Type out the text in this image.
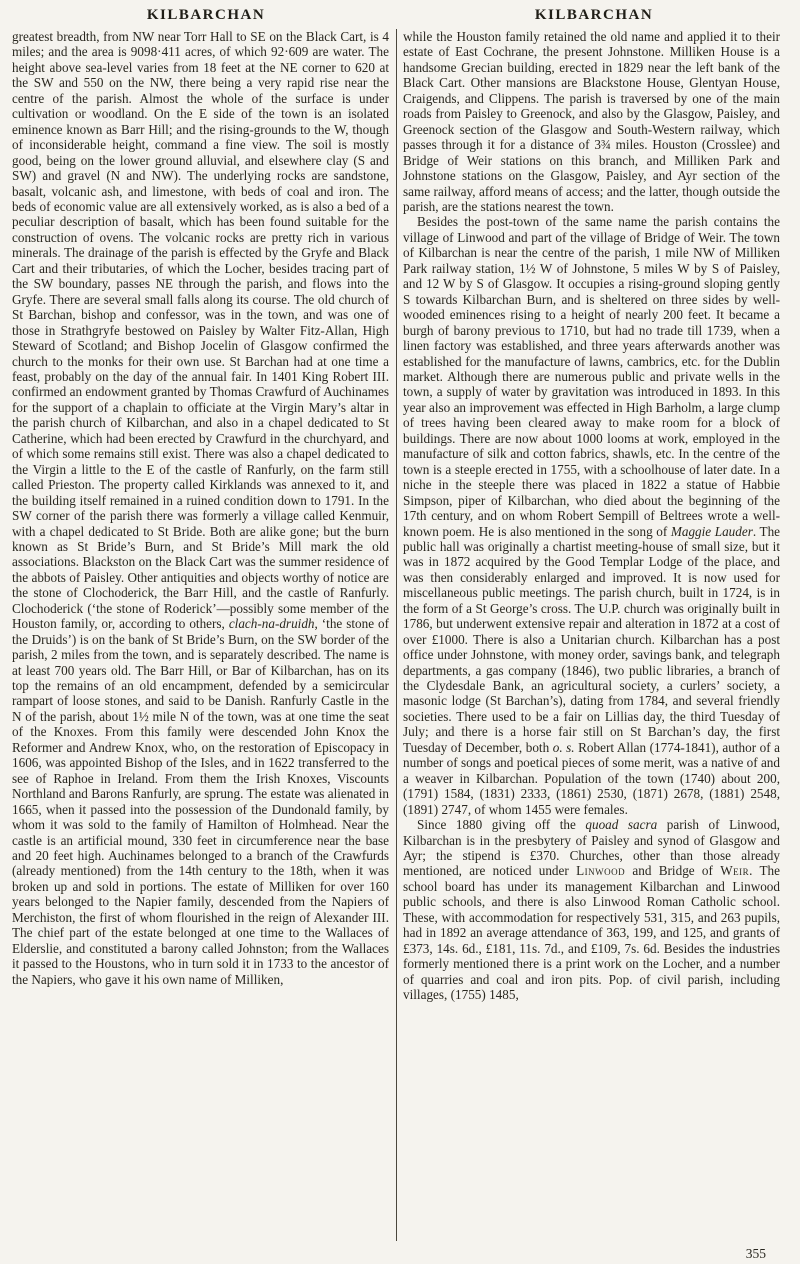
KILBARCHAN	KILBARCHAN

greatest breadth, from NW near Torr Hall to SE on the Black Cart, is 4 miles; and the area is 9098·411 acres, of which 92·609 are water. The height above sea-level varies from 18 feet at the NE corner to 620 at the SW and 550 on the NW, there being a very rapid rise near the centre of the parish. Almost the whole of the surface is under cultivation or woodland. On the E side of the town is an isolated eminence known as Barr Hill; and the rising-grounds to the W, though of inconsiderable height, command a fine view. The soil is mostly good, being on the lower ground alluvial, and elsewhere clay (S and SW) and gravel (N and NW). The underlying rocks are sandstone, basalt, volcanic ash, and limestone, with beds of coal and iron. The beds of economic value are all extensively worked, as is also a bed of a peculiar description of basalt, which has been found suitable for the construction of ovens. The volcanic rocks are pretty rich in various minerals. The drainage of the parish is effected by the Gryfe and Black Cart and their tributaries, of which the Locher, besides tracing part of the SW boundary, passes NE through the parish, and flows into the Gryfe. There are several small falls along its course. The old church of St Barchan, bishop and confessor, was in the town, and was one of those in Strathgryfe bestowed on Paisley by Walter Fitz-Allan, High Steward of Scotland; and Bishop Jocelin of Glasgow confirmed the church to the monks for their own use. St Barchan had at one time a feast, probably on the day of the annual fair. In 1401 King Robert III. confirmed an endowment granted by Thomas Crawfurd of Auchinames for the support of a chaplain to officiate at the Virgin Mary’s altar in the parish church of Kilbarchan, and also in a chapel dedicated to St Catherine, which had been erected by Crawfurd in the churchyard, and of which some remains still exist. There was also a chapel dedicated to the Virgin a little to the E of the castle of Ranfurly, on the farm still called Prieston. The property called Kirklands was annexed to it, and the building itself remained in a ruined condition down to 1791. In the SW corner of the parish there was formerly a village called Kenmuir, with a chapel dedicated to St Bride. Both are alike gone; but the burn known as St Bride’s Burn, and St Bride’s Mill mark the old associations. Blackston on the Black Cart was the summer residence of the abbots of Paisley. Other antiquities and objects worthy of notice are the stone of Clochoderick, the Barr Hill, and the castle of Ranfurly. Clochoderick (‘the stone of Roderick’—possibly some member of the Houston family, or, according to others, clach-na-druidh, ‘the stone of the Druids’) is on the bank of St Bride’s Burn, on the SW border of the parish, 2 miles from the town, and is separately described. The name is at least 700 years old. The Barr Hill, or Bar of Kilbarchan, has on its top the remains of an old encampment, defended by a semicircular rampart of loose stones, and said to be Danish. Ranfurly Castle in the N of the parish, about 1½ mile N of the town, was at one time the seat of the Knoxes. From this family were descended John Knox the Reformer and Andrew Knox, who, on the restoration of Episcopacy in 1606, was appointed Bishop of the Isles, and in 1622 transferred to the see of Raphoe in Ireland. From them the Irish Knoxes, Viscounts Northland and Barons Ranfurly, are sprung. The estate was alienated in 1665, when it passed into the possession of the Dundonald family, by whom it was sold to the family of Hamilton of Holmhead. Near the castle is an artificial mound, 330 feet in circumference near the base and 20 feet high. Auchinames belonged to a branch of the Crawfurds (already mentioned) from the 14th century to the 18th, when it was broken up and sold in portions. The estate of Milliken for over 160 years belonged to the Napier family, descended from the Napiers of Merchiston, the first of whom flourished in the reign of Alexander III. The chief part of the estate belonged at one time to the Wallaces of Elderslie, and constituted a barony called Johnston; from the Wallaces it passed to the Houstons, who in turn sold it in 1733 to the ancestor of the Napiers, who gave it his own name of Milliken,

while the Houston family retained the old name and applied it to their estate of East Cochrane, the present Johnstone. Milliken House is a handsome Grecian building, erected in 1829 near the left bank of the Black Cart. Other mansions are Blackstone House, Glentyan House, Craigends, and Clippens. The parish is traversed by one of the main roads from Paisley to Greenock, and also by the Glasgow, Paisley, and Greenock section of the Glasgow and South-Western railway, which passes through it for a distance of 3¾ miles. Houston (Crosslee) and Bridge of Weir stations on this branch, and Milliken Park and Johnstone stations on the Glasgow, Paisley, and Ayr section of the same railway, afford means of access; and the latter, though outside the parish, are the stations nearest the town.

Besides the post-town of the same name the parish contains the village of Linwood and part of the village of Bridge of Weir. The town of Kilbarchan is near the centre of the parish, 1 mile NW of Milliken Park railway station, 1½ W of Johnstone, 5 miles W by S of Paisley, and 12 W by S of Glasgow. It occupies a rising-ground sloping gently S towards Kilbarchan Burn, and is sheltered on three sides by well-wooded eminences rising to a height of nearly 200 feet. It became a burgh of barony previous to 1710, but had no trade till 1739, when a linen factory was established, and three years afterwards another was established for the manufacture of lawns, cambrics, etc. for the Dublin market. Although there are numerous public and private wells in the town, a supply of water by gravitation was introduced in 1893. In this year also an improvement was effected in High Barholm, a large clump of trees having been cleared away to make room for a block of buildings. There are now about 1000 looms at work, employed in the manufacture of silk and cotton fabrics, shawls, etc. In the centre of the town is a steeple erected in 1755, with a schoolhouse of later date. In a niche in the steeple there was placed in 1822 a statue of Habbie Simpson, piper of Kilbarchan, who died about the beginning of the 17th century, and on whom Robert Sempill of Beltrees wrote a well-known poem. He is also mentioned in the song of Maggie Lauder. The public hall was originally a chartist meeting-house of small size, but it was in 1872 acquired by the Good Templar Lodge of the place, and was then considerably enlarged and improved. It is now used for miscellaneous public meetings. The parish church, built in 1724, is in the form of a St George’s cross. The U.P. church was originally built in 1786, but underwent extensive repair and alteration in 1872 at a cost of over £1000. There is also a Unitarian church. Kilbarchan has a post office under Johnstone, with money order, savings bank, and telegraph departments, a gas company (1846), two public libraries, a branch of the Clydesdale Bank, an agricultural society, a curlers’ society, a masonic lodge (St Barchan’s), dating from 1784, and several friendly societies. There used to be a fair on Lillias day, the third Tuesday of July; and there is a horse fair still on St Barchan’s day, the first Tuesday of December, both o. s. Robert Allan (1774-1841), author of a number of songs and poetical pieces of some merit, was a native of and a weaver in Kilbarchan. Population of the town (1740) about 200, (1791) 1584, (1831) 2333, (1861) 2530, (1871) 2678, (1881) 2548, (1891) 2747, of whom 1455 were females.

Since 1880 giving off the quoad sacra parish of Linwood, Kilbarchan is in the presbytery of Paisley and synod of Glasgow and Ayr; the stipend is £370. Churches, other than those already mentioned, are noticed under Linwood and Bridge of Weir. The school board has under its management Kilbarchan and Linwood public schools, and there is also Linwood Roman Catholic school. These, with accommodation for respectively 531, 315, and 263 pupils, had in 1892 an average attendance of 363, 199, and 125, and grants of £373, 14s. 6d., £181, 11s. 7d., and £109, 7s. 6d. Besides the industries formerly mentioned there is a print work on the Locher, and a number of quarries and coal and iron pits. Pop. of civil parish, including villages, (1755) 1485,

355
